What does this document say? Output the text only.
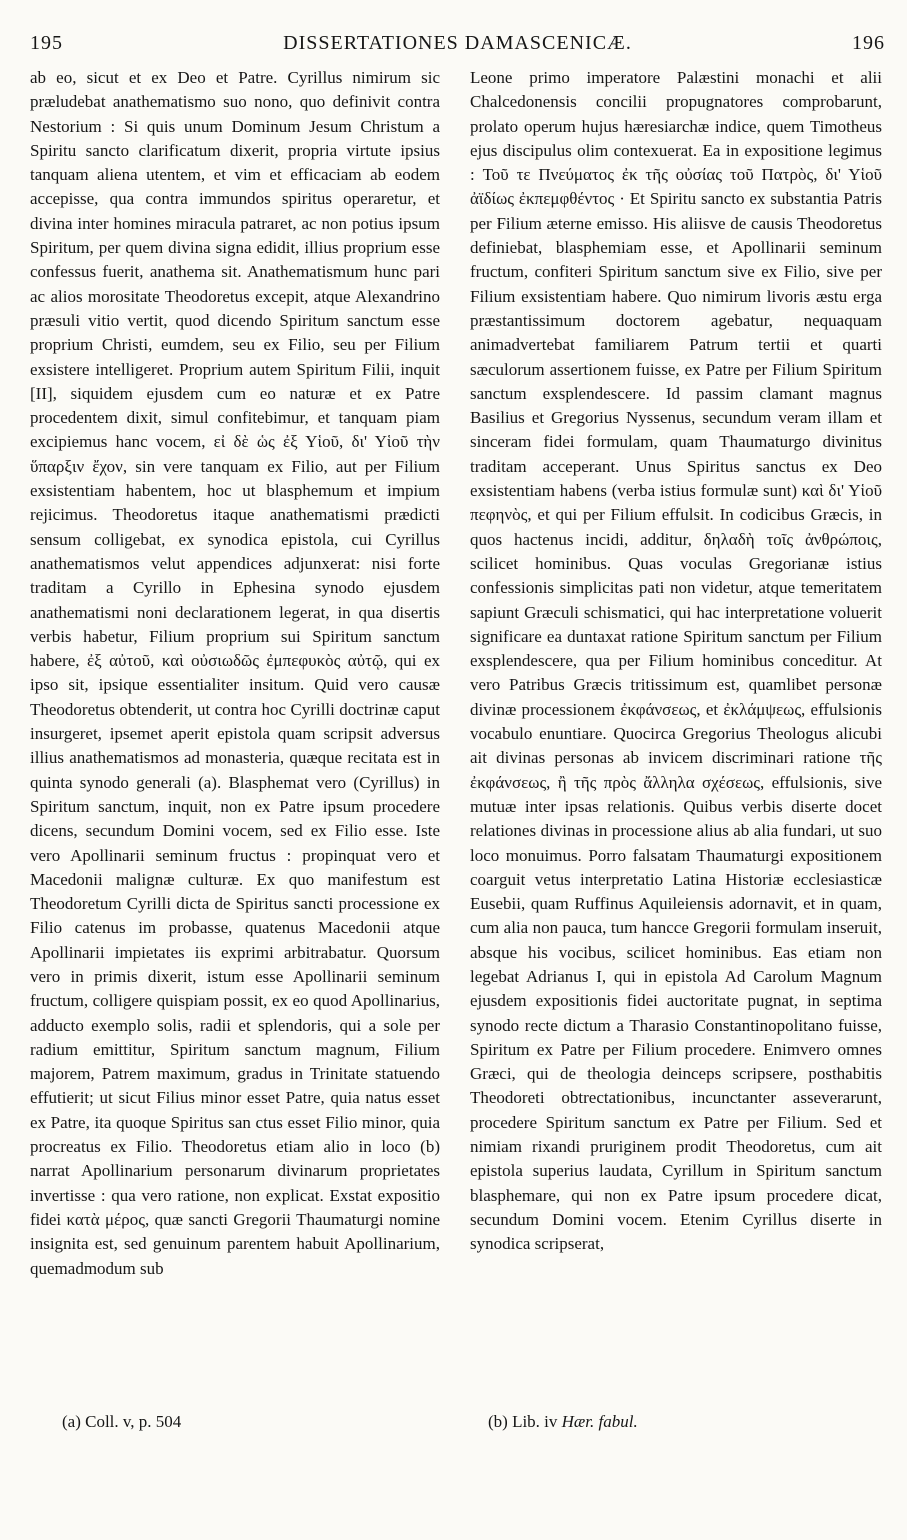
195	DISSERTATIONES DAMASCENICÆ.	196

ab eo, sicut et ex Deo et Patre. Cyrillus nimirum sic præludebat anathematismo suo nono, quo definivit contra Nestorium : Si quis unum Dominum Jesum Christum a Spiritu sancto clarificatum dixerit, propria virtute ipsius tanquam aliena utentem, et vim et efficaciam ab eodem accepisse, qua contra immundos spiritus operaretur, et divina inter homines miracula patraret, ac non potius ipsum Spiritum, per quem divina signa edidit, illius proprium esse confessus fuerit, anathema sit. Anathematismum hunc pari ac alios morositate Theodoretus excepit, atque Alexandrino præsuli vitio vertit, quod dicendo Spiritum sanctum esse proprium Christi, eumdem, seu ex Filio, seu per Filium exsistere intelligeret. Proprium autem Spiritum Filii, inquit [II], siquidem ejusdem cum eo naturæ et ex Patre procedentem dixit, simul confitebimur, et tanquam piam excipiemus hanc vocem, εἰ δὲ ὡς ἐξ Υἱοῦ, δι' Υἱοῦ τὴν ὕπαρξιν ἔχον, sin vere tanquam ex Filio, aut per Filium exsistentiam habentem, hoc ut blasphemum et impium rejicimus. Theodoretus itaque anathematismi prædicti sensum colligebat, ex synodica epistola, cui Cyrillus anathematismos velut appendices adjunxerat: nisi forte traditam a Cyrillo in Ephesina synodo ejusdem anathematismi noni declarationem legerat, in qua disertis verbis habetur, Filium proprium sui Spiritum sanctum habere, ἐξ αὐτοῦ, καὶ οὐσιωδῶς ἐμπεφυκὸς αὐτῷ, qui ex ipso sit, ipsique essentialiter insitum. Quid vero causæ Theodoretus obtenderit, ut contra hoc Cyrilli doctrinæ caput insurgeret, ipsemet aperit epistola quam scripsit adversus illius anathematismos ad monasteria, quæque recitata est in quinta synodo generali (a). Blasphemat vero (Cyrillus) in Spiritum sanctum, inquit, non ex Patre ipsum procedere dicens, secundum Domini vocem, sed ex Filio esse. Iste vero Apollinarii seminum fructus : propinquat vero et Macedonii malignæ culturæ. Ex quo manifestum est Theodoretum Cyrilli dicta de Spiritus sancti processione ex Filio catenus im probasse, quatenus Macedonii atque Apollinarii impietates iis exprimi arbitrabatur. Quorsum vero in primis dixerit, istum esse Apollinarii seminum fructum, colligere quispiam possit, ex eo quod Apollinarius, adducto exemplo solis, radii et splendoris, qui a sole per radium emittitur, Spiritum sanctum magnum, Filium majorem, Patrem maximum, gradus in Trinitate statuendo effutierit; ut sicut Filius minor esset Patre, quia natus esset ex Patre, ita quoque Spiritus san ctus esset Filio minor, quia procreatus ex Filio. Theodoretus etiam alio in loco (b) narrat Apollinarium personarum divinarum proprietates invertisse : qua vero ratione, non explicat. Exstat expositio fidei κατὰ μέρος, quæ sancti Gregorii Thaumaturgi nomine insignita est, sed genuinum parentem habuit Apollinarium, quemadmodum sub

Leone primo imperatore Palæstini monachi et alii Chalcedonensis concilii propugnatores comprobarunt, prolato operum hujus hæresiarchæ indice, quem Timotheus ejus discipulus olim contexuerat. Ea in expositione legimus : Τοῦ τε Πνεύματος ἐκ τῆς οὐσίας τοῦ Πατρὸς, δι' Υἱοῦ ἀϊδίως ἐκπεμφθέντος · Et Spiritu sancto ex substantia Patris per Filium æterne emisso. His aliisve de causis Theodoretus definiebat, blasphemiam esse, et Apollinarii seminum fructum, confiteri Spiritum sanctum sive ex Filio, sive per Filium exsistentiam habere. Quo nimirum livoris æstu erga præstantissimum doctorem agebatur, nequaquam animadvertebat familiarem Patrum tertii et quarti sæculorum assertionem fuisse, ex Patre per Filium Spiritum sanctum exsplendescere. Id passim clamant magnus Basilius et Gregorius Nyssenus, secundum veram illam et sinceram fidei formulam, quam Thaumaturgo divinitus traditam acceperant. Unus Spiritus sanctus ex Deo exsistentiam habens (verba istius formulæ sunt) καὶ δι' Υἱοῦ πεφηνὸς, et qui per Filium effulsit. In codicibus Græcis, in quos hactenus incidi, additur, δηλαδὴ τοῖς ἀνθρώποις, scilicet hominibus. Quas voculas Gregorianæ istius confessionis simplicitas pati non videtur, atque temeritatem sapiunt Græculi schismatici, qui hac interpretatione voluerit significare ea duntaxat ratione Spiritum sanctum per Filium exsplendescere, qua per Filium hominibus conceditur. At vero Patribus Græcis tritissimum est, quamlibet personæ divinæ processionem ἐκφάνσεως, et ἐκλάμψεως, effulsionis vocabulo enuntiare. Quocirca Gregorius Theologus alicubi ait divinas personas ab invicem discriminari ratione τῆς ἐκφάνσεως, ἢ τῆς πρὸς ἄλληλα σχέσεως, effulsionis, sive mutuæ inter ipsas relationis. Quibus verbis diserte docet relationes divinas in processione alius ab alia fundari, ut suo loco monuimus. Porro falsatam Thaumaturgi expositionem coarguit vetus interpretatio Latina Historiæ ecclesiasticæ Eusebii, quam Ruffinus Aquileiensis adornavit, et in quam, cum alia non pauca, tum hancce Gregorii formulam inseruit, absque his vocibus, scilicet hominibus. Eas etiam non legebat Adrianus I, qui in epistola Ad Carolum Magnum ejusdem expositionis fidei auctoritate pugnat, in septima synodo recte dictum a Tharasio Constantinopolitano fuisse, Spiritum ex Patre per Filium procedere. Enimvero omnes Græci, qui de theologia deinceps scripsere, posthabitis Theodoreti obtrectationibus, incunctanter asseverarunt, procedere Spiritum sanctum ex Patre per Filium. Sed et nimiam rixandi pruriginem prodit Theodoretus, cum ait epistola superius laudata, Cyrillum in Spiritum sanctum blasphemare, qui non ex Patre ipsum procedere dicat, secundum Domini vocem. Etenim Cyrillus diserte in synodica scripserat,

(a) Coll. v, p. 504	(b) Lib. iv Hær. fabul.
